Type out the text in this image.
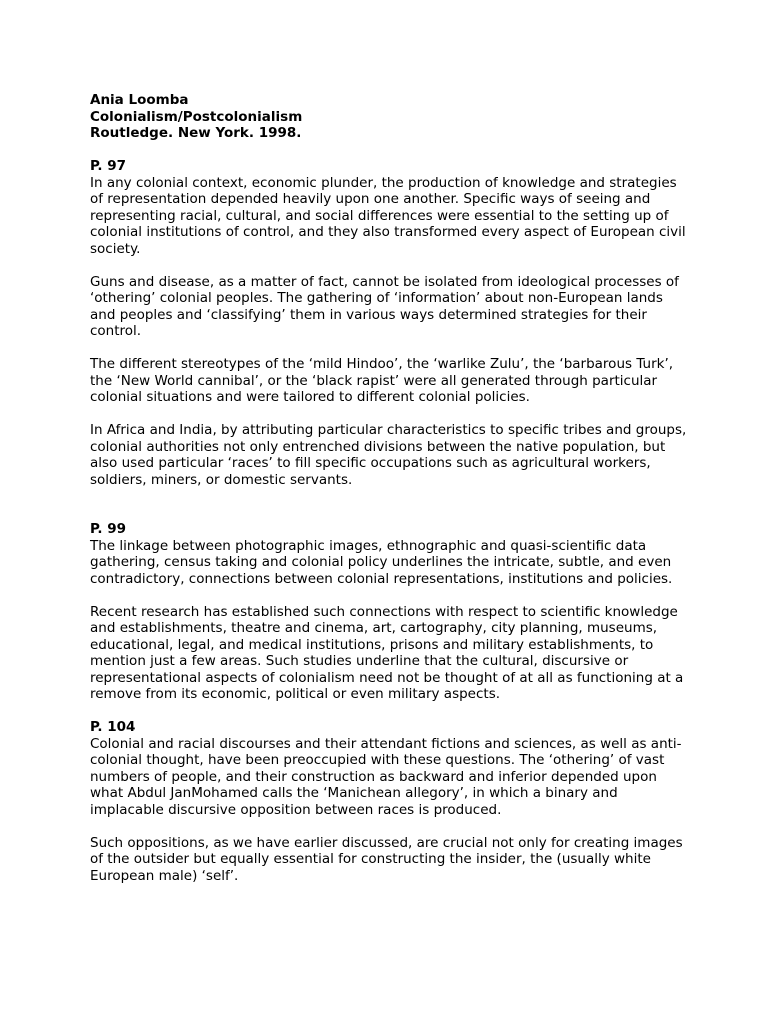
Ania Loomba
Colonialism/Postcolonialism
Routledge. New York. 1998.
P. 97

In any colonial context, economic plunder, the production of knowledge and strategies of representation depended heavily upon one another. Specific ways of seeing and representing racial, cultural, and social differences were essential to the setting up of colonial institutions of control, and they also transformed every aspect of European civil society.

Guns and disease, as a matter of fact, cannot be isolated from ideological processes of ‘othering’ colonial peoples. The gathering of ‘information’ about non-European lands and peoples and ‘classifying’ them in various ways determined strategies for their control.

The different stereotypes of the ‘mild Hindoo’, the ‘warlike Zulu’, the ‘barbarous Turk’, the ‘New World cannibal’, or the ‘black rapist’ were all generated through particular colonial situations and were tailored to different colonial policies.

In Africa and India, by attributing particular characteristics to specific tribes and groups, colonial authorities not only entrenched divisions between the native population, but also used particular ‘races’ to fill specific occupations such as agricultural workers, soldiers, miners, or domestic servants.

P. 99

The linkage between photographic images, ethnographic and quasi-scientific data gathering, census taking and colonial policy underlines the intricate, subtle, and even contradictory, connections between colonial representations, institutions and policies.

Recent research has established such connections with respect to scientific knowledge and establishments, theatre and cinema, art, cartography, city planning, museums, educational, legal, and medical institutions, prisons and military establishments, to mention just a few areas. Such studies underline that the cultural, discursive or representational aspects of colonialism need not be thought of at all as functioning at a remove from its economic, political or even military aspects.

P. 104

Colonial and racial discourses and their attendant fictions and sciences, as well as anti-colonial thought, have been preoccupied with these questions. The ‘othering’ of vast numbers of people, and their construction as backward and inferior depended upon what Abdul JanMohamed calls the ‘Manichean allegory’, in which a binary and implacable discursive opposition between races is produced.

Such oppositions, as we have earlier discussed, are crucial not only for creating images of the outsider but equally essential for constructing the insider, the (usually white European male) ‘self’.
